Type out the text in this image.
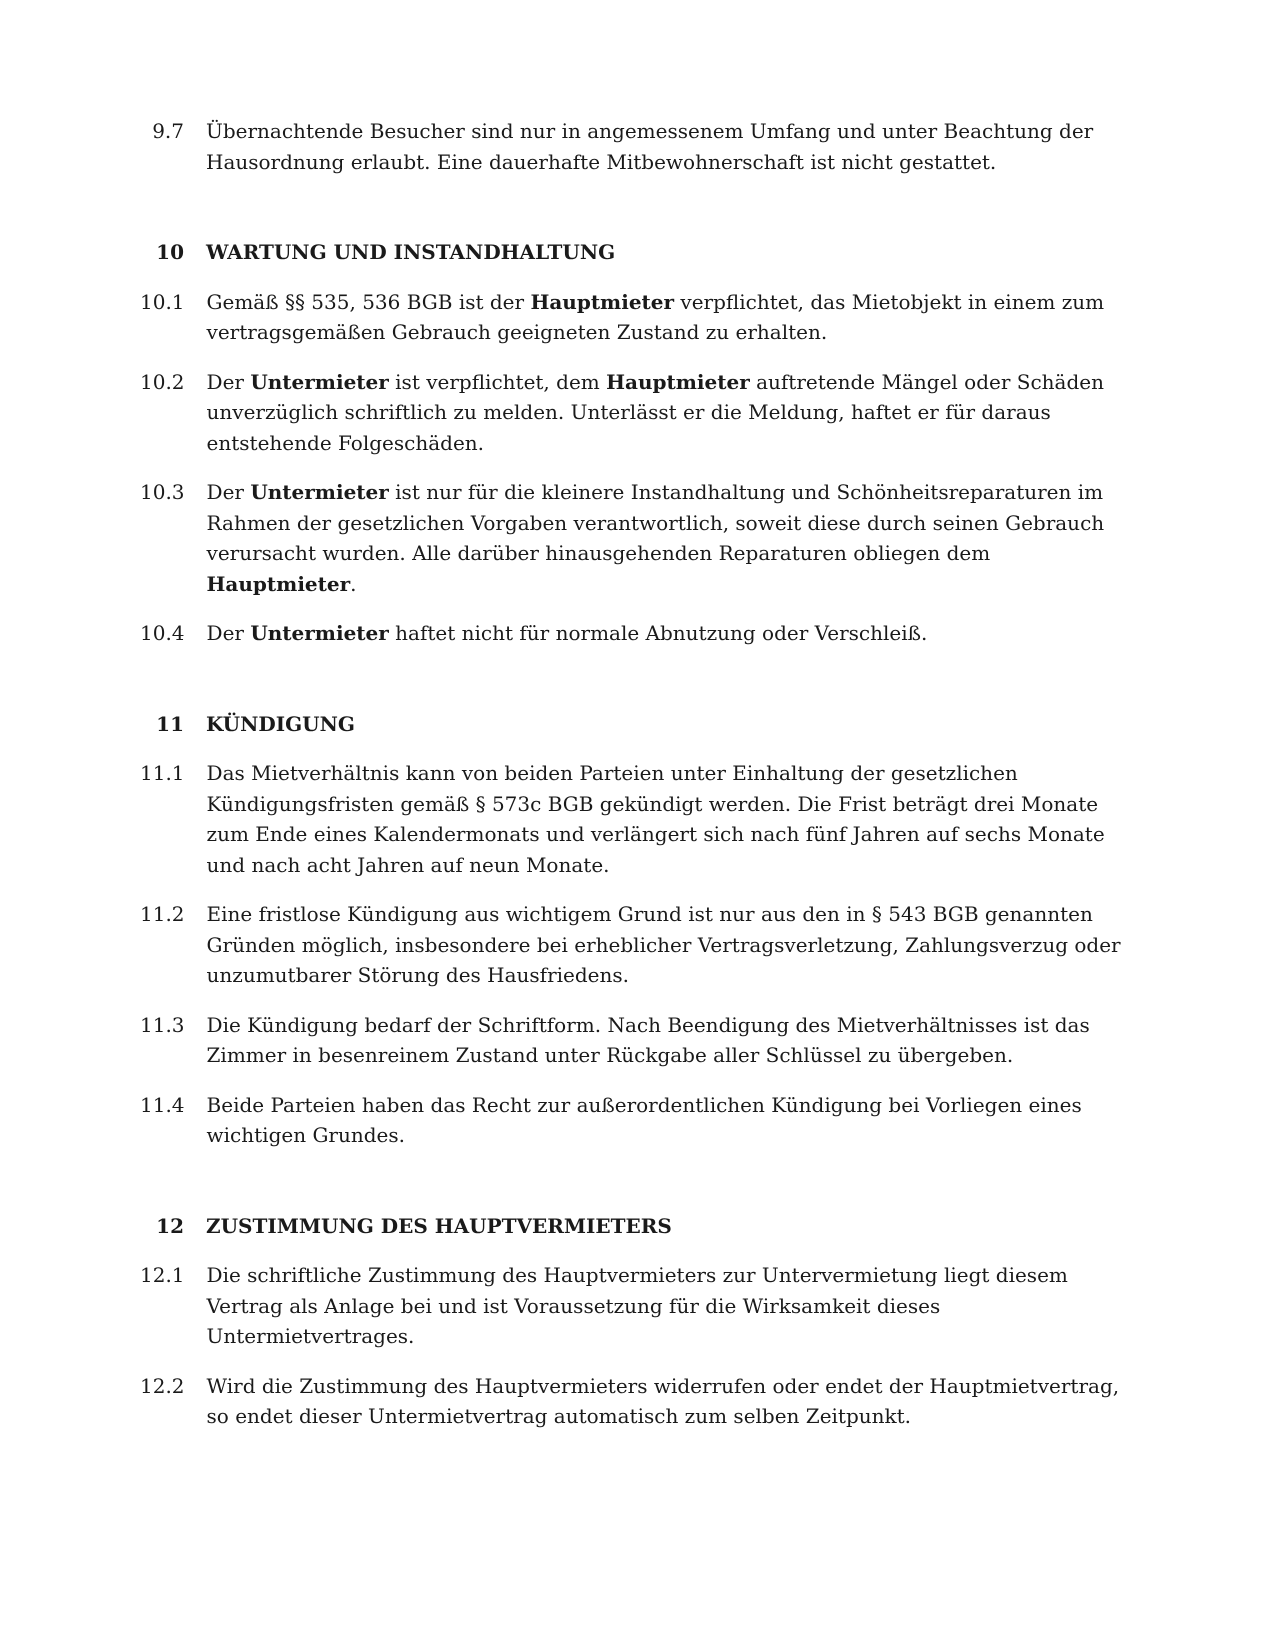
9.7 Übernachtende Besucher sind nur in angemessenem Umfang und unter Beachtung der Hausordnung erlaubt. Eine dauerhafte Mitbewohnerschaft ist nicht gestattet.
10 WARTUNG UND INSTANDHALTUNG
10.1 Gemäß §§ 535, 536 BGB ist der Hauptmieter verpflichtet, das Mietobjekt in einem zum vertragsgemäßen Gebrauch geeigneten Zustand zu erhalten.
10.2 Der Untermieter ist verpflichtet, dem Hauptmieter auftretende Mängel oder Schäden unverzüglich schriftlich zu melden. Unterlässt er die Meldung, haftet er für daraus entstehende Folgeschäden.
10.3 Der Untermieter ist nur für die kleinere Instandhaltung und Schönheitsreparaturen im Rahmen der gesetzlichen Vorgaben verantwortlich, soweit diese durch seinen Gebrauch verursacht wurden. Alle darüber hinausgehenden Reparaturen obliegen dem Hauptmieter.
10.4 Der Untermieter haftet nicht für normale Abnutzung oder Verschleiß.
11 KÜNDIGUNG
11.1 Das Mietverhältnis kann von beiden Parteien unter Einhaltung der gesetzlichen Kündigungsfristen gemäß § 573c BGB gekündigt werden. Die Frist beträgt drei Monate zum Ende eines Kalendermonats und verlängert sich nach fünf Jahren auf sechs Monate und nach acht Jahren auf neun Monate.
11.2 Eine fristlose Kündigung aus wichtigem Grund ist nur aus den in § 543 BGB genannten Gründen möglich, insbesondere bei erheblicher Vertragsverletzung, Zahlungsverzug oder unzumutbarer Störung des Hausfriedens.
11.3 Die Kündigung bedarf der Schriftform. Nach Beendigung des Mietverhältnisses ist das Zimmer in besenreinem Zustand unter Rückgabe aller Schlüssel zu übergeben.
11.4 Beide Parteien haben das Recht zur außerordentlichen Kündigung bei Vorliegen eines wichtigen Grundes.
12 ZUSTIMMUNG DES HAUPTVERMIETERS
12.1 Die schriftliche Zustimmung des Hauptvermieters zur Untervermietung liegt diesem Vertrag als Anlage bei und ist Voraussetzung für die Wirksamkeit dieses Untermietvertrages.
12.2 Wird die Zustimmung des Hauptvermieters widerrufen oder endet der Hauptmietvertrag, so endet dieser Untermietvertrag automatisch zum selben Zeitpunkt.
